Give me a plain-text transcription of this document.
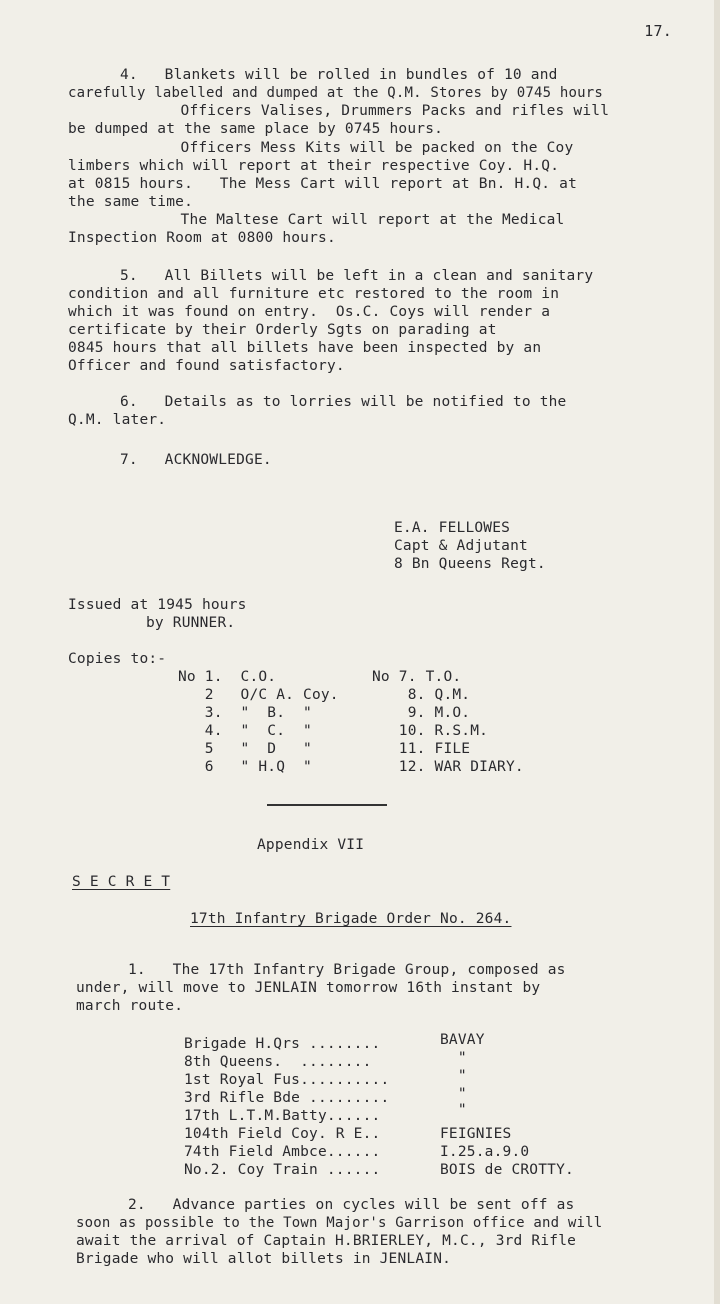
17.
4.   Blankets will be rolled in bundles of 10 and
carefully labelled and dumped at the Q.M. Stores by 0745 hours
Officers Valises, Drummers Packs and rifles will
be dumped at the same place by 0745 hours.
Officers Mess Kits will be packed on the Coy
limbers which will report at their respective Coy. H.Q.
at 0815 hours.   The Mess Cart will report at Bn. H.Q. at
the same time.
The Maltese Cart will report at the Medical
Inspection Room at 0800 hours.
5.   All Billets will be left in a clean and sanitary
condition and all furniture etc restored to the room in
which it was found on entry.  Os.C. Coys will render a
certificate by their Orderly Sgts on parading at
0845 hours that all billets have been inspected by an
Officer and found satisfactory.
6.   Details as to lorries will be notified to the
Q.M. later.
7.   ACKNOWLEDGE.
E.A. FELLOWES
Capt & Adjutant
8 Bn Queens Regt.
Issued at 1945 hours
by RUNNER.
Copies to:-
No 1.  C.O.
2   O/C A. Coy.
3.  "  B.  "
4.  "  C.  "
5   "  D   "
6   " H.Q  "
No 7. T.O.
8. Q.M.
9. M.O.
10. R.S.M.
11. FILE
12. WAR DIARY.
Appendix VII
S E C R E T
17th Infantry Brigade Order No. 264.
1.   The 17th Infantry Brigade Group, composed as
under, will move to JENLAIN tomorrow 16th instant by
march route.
Brigade H.Qrs ........	BAVAY
8th Queens.  ........	"
1st Royal Fus..........	"
3rd Rifle Bde .........	"
17th L.T.M.Batty......	"
104th Field Coy. R E..	FEIGNIES
74th Field Ambce......	I.25.a.9.0
No.2. Coy Train ......	BOIS de CROTTY.
2.   Advance parties on cycles will be sent off as
soon as possible to the Town Major's Garrison office and will
await the arrival of Captain H.BRIERLEY, M.C., 3rd Rifle
Brigade who will allot billets in JENLAIN.
